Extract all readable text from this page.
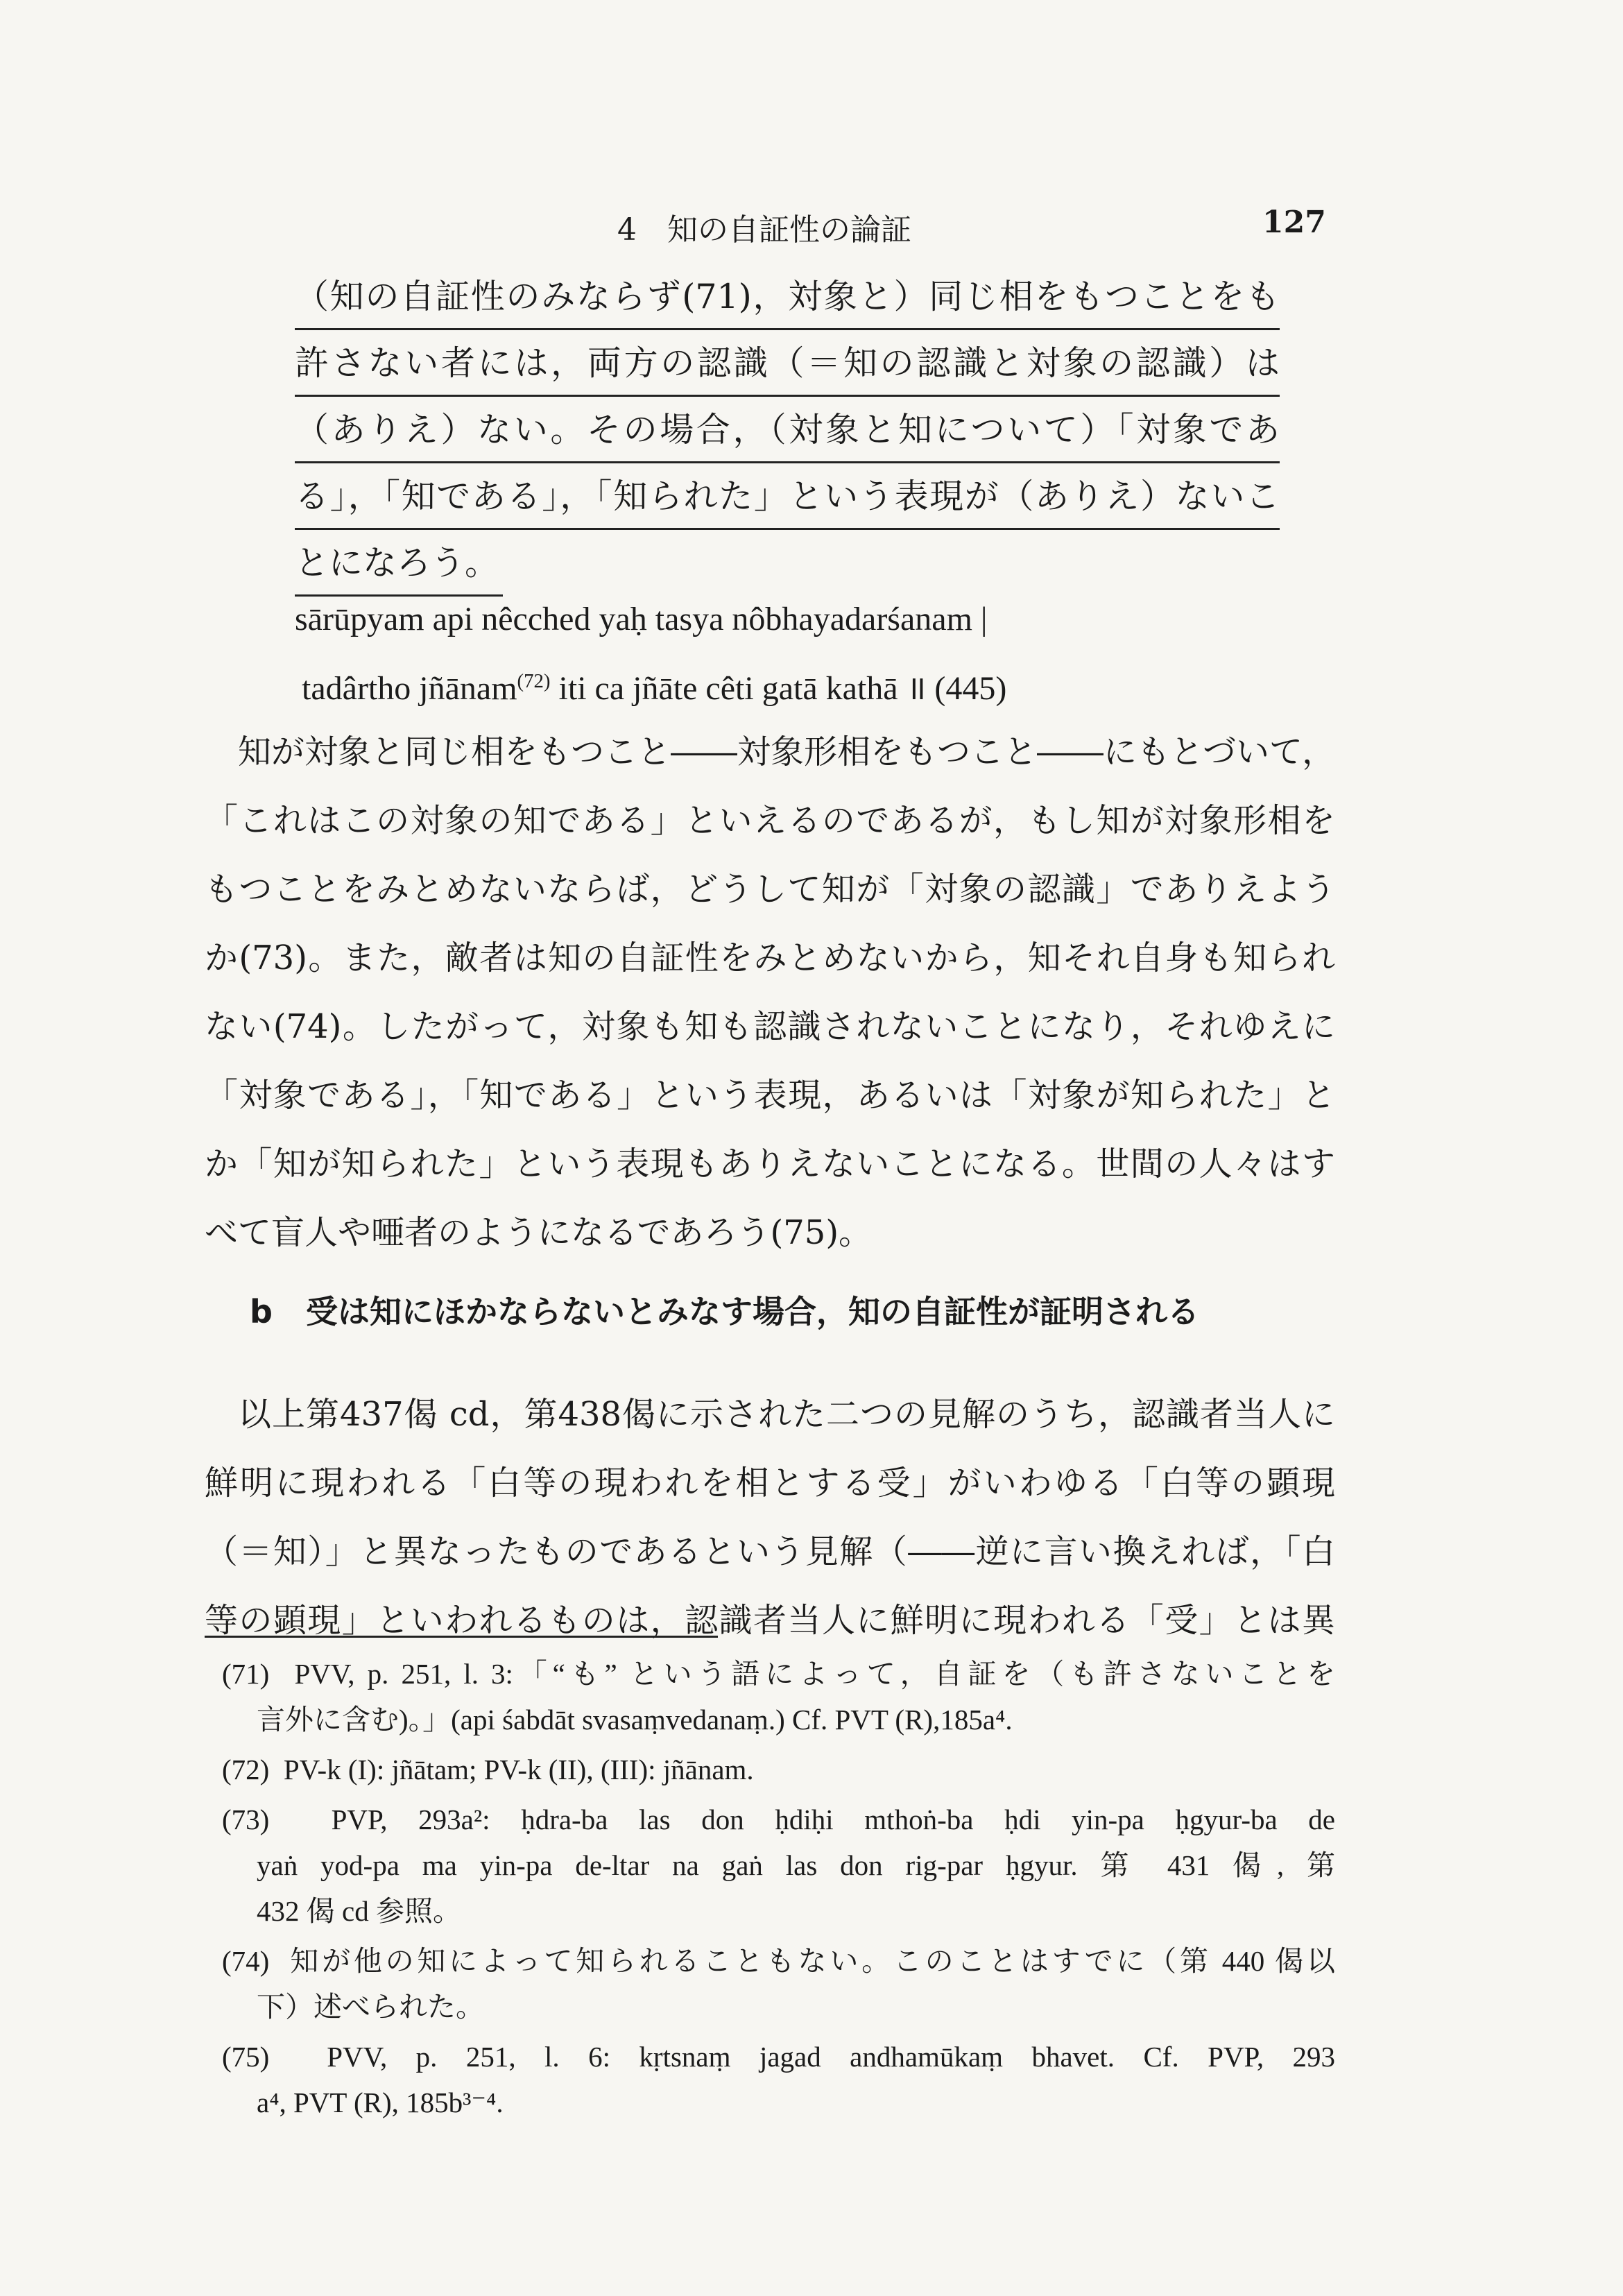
4　知の自証性の論証	127
（知の自証性のみならず(71)，対象と）同じ相をもつことをも
許さない者には，両方の認識（＝知の認識と対象の認識）は
（ありえ）ない。その場合，（対象と知について）「対象であ
る」，「知である」，「知られた」という表現が（ありえ）ないこ
とになろう。
sārūpyam api nêcched yaḥ tasya nôbhayadarśanam |
tadârtho jñānam$^{(72)}$ iti ca jñāte cêti gatā kathā ॥ (445)
知が対象と同じ相をもつこと――対象形相をもつこと――にもとづいて，
「これはこの対象の知である」といえるのであるが，もし知が対象形相を
もつことをみとめないならば，どうして知が「対象の認識」でありえよう
か(73)。また，敵者は知の自証性をみとめないから，知それ自身も知られ
ない(74)。したがって，対象も知も認識されないことになり，それゆえに
「対象である」，「知である」という表現，あるいは「対象が知られた」と
か「知が知られた」という表現もありえないことになる。世間の人々はす
べて盲人や唖者のようになるであろう(75)。
b 受は知にほかならないとみなす場合，知の自証性が証明される
以上第437偈 cd，第438偈に示された二つの見解のうち，認識者当人に
鮮明に現われる「白等の現われを相とする受」がいわゆる「白等の顕現
（＝知）」と異なったものであるという見解（――逆に言い換えれば，「白
等の顕現」といわれるものは，認識者当人に鮮明に現われる「受」とは異
(71) PVV, p. 251, l. 3:「“も” という語によって，自証を（も許さないことを
言外に含む)。」(api śabdāt svasaṃvedanaṃ.) Cf. PVT (R),185a⁴.
(72) PV-k (I): jñātam; PV-k (II), (III): jñānam.
(73) PVP, 293a²: ḥdra-ba las don ḥdiḥi mthoṅ-ba ḥdi yin-pa ḥgyur-ba de
yaṅ yod-pa ma yin-pa de-ltar na gaṅ las don rig-par ḥgyur. 第 431 偈, 第
432 偈 cd 参照。
(74) 知が他の知によって知られることもない。このことはすでに（第 440 偈以
下）述べられた。
(75) PVV, p. 251, l. 6: kṛtsnaṃ jagad andhamūkaṃ bhavet. Cf. PVP, 293
a⁴, PVT (R), 185b³⁻⁴.
